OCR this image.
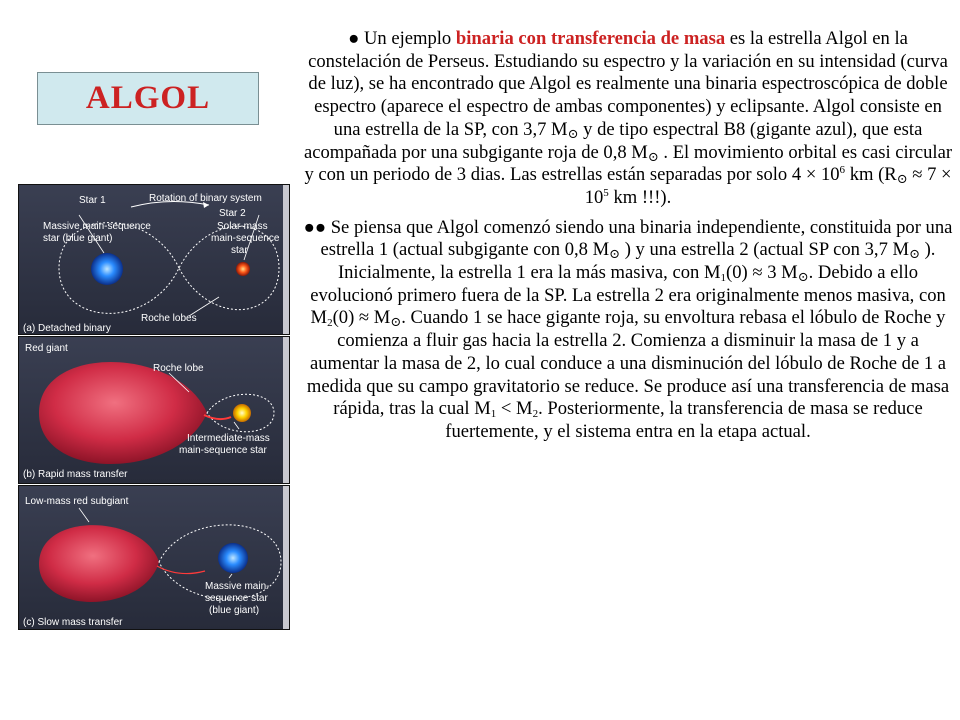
ALGOL
Star 1	Rotation of binary system
Star 2
Massive main-sequence
star (blue giant)
Solar-mass
main-sequence
star
Roche lobes
(a) Detached binary
Red giant
Roche lobe
Intermediate-mass
main-sequence star
(b) Rapid mass transfer
Low-mass red subgiant
Massive main-
sequence star
(blue giant)
(c) Slow mass transfer

● Un ejemplo binaria con transferencia de masa es la estrella Algol en la constelación de Perseus. Estudiando su espectro y la variación en su intensidad (curva de luz), se ha encontrado que Algol es realmente una binaria espectroscópica de doble espectro (aparece el espectro de ambas componentes) y eclipsante. Algol consiste en una estrella de la SP, con 3,7 $M_⊙$ y de tipo espectral B8 (gigante azul), que esta acompañada por una subgigante roja de 0,8 $M_⊙$ . El movimiento orbital es casi circular y con un periodo de 3 dias. Las estrellas están separadas por solo $4 \times 10^6$ km ($R_⊙ \approx 7 \times 10^5$ km !!!).

●● Se piensa que Algol comenzó siendo una binaria independiente, constituida por una estrella 1 (actual subgigante con 0,8 $M_⊙$ ) y una estrella 2 (actual SP con 3,7 $M_⊙$ ). Inicialmente, la estrella 1 era la más masiva, con $M_1(0) \approx 3$ $M_⊙$. Debido a ello evolucionó primero fuera de la SP. La estrella 2 era originalmente menos masiva, con $M_2(0) \approx M_⊙$. Cuando 1 se hace gigante roja, su envoltura rebasa el lóbulo de Roche y comienza a fluir gas hacia la estrella 2. Comienza a disminuir la masa de 1 y a aumentar la masa de 2, lo cual conduce a una disminución del lóbulo de Roche de 1 a medida que su campo gravitatorio se reduce. Se produce así una transferencia de masa rápida, tras la cual $M_1 < M_2$. Posteriormente, la transferencia de masa se reduce fuertemente, y el sistema entra en la etapa actual.
